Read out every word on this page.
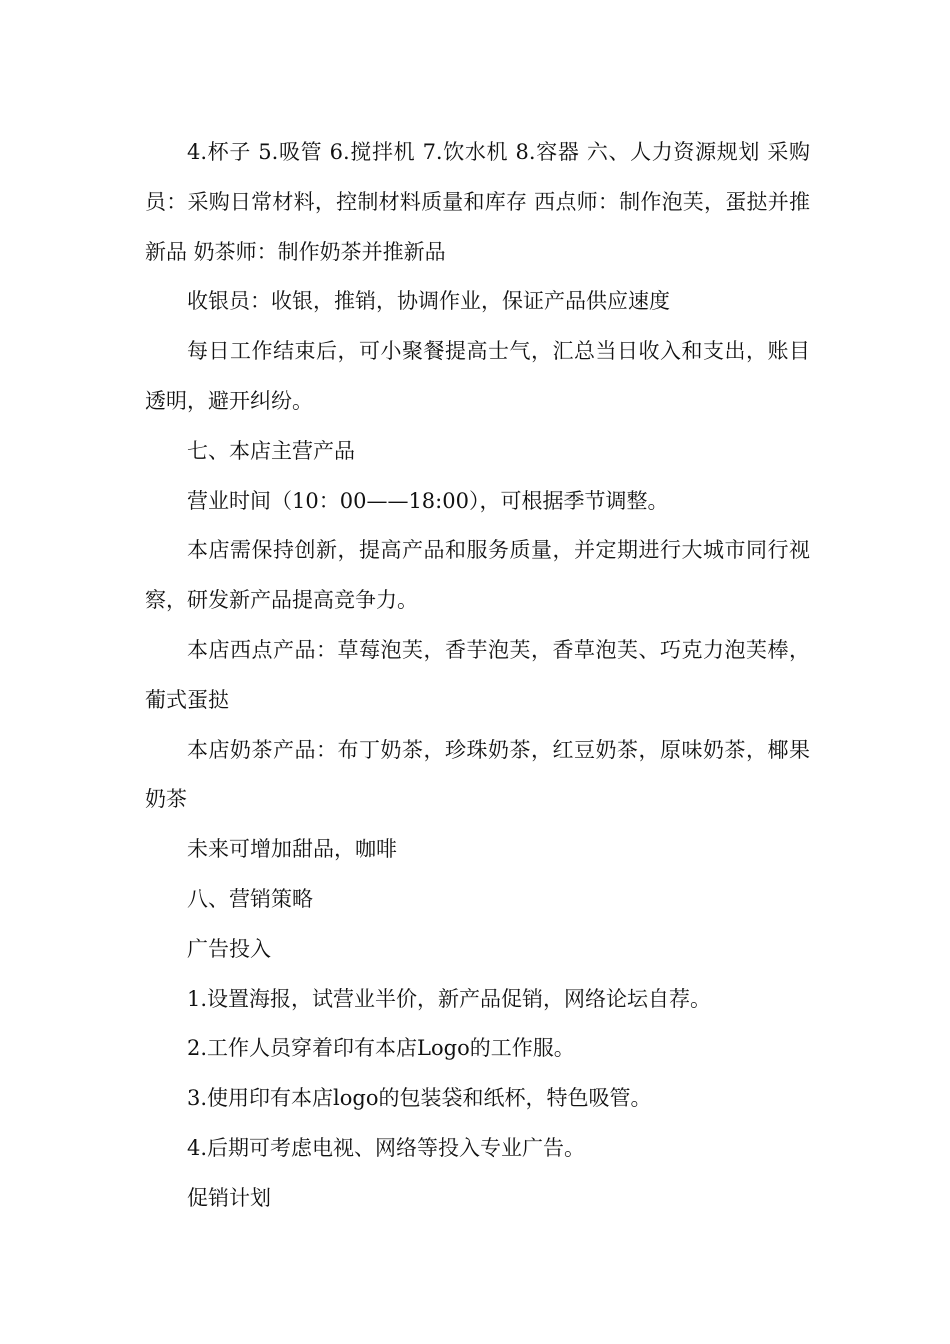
4.杯子 5.吸管 6.搅拌机 7.饮水机 8.容器 六、人力资源规划 采购员：采购日常材料，控制材料质量和库存 西点师：制作泡芙，蛋挞并推新品 奶茶师：制作奶茶并推新品

收银员：收银，推销，协调作业，保证产品供应速度

每日工作结束后，可小聚餐提高士气，汇总当日收入和支出，账目透明，避开纠纷。

七、本店主营产品

营业时间（10：00——18:00），可根据季节调整。

本店需保持创新，提高产品和服务质量，并定期进行大城市同行视察，研发新产品提高竞争力。

本店西点产品：草莓泡芙，香芋泡芙，香草泡芙、巧克力泡芙棒，葡式蛋挞

本店奶茶产品：布丁奶茶，珍珠奶茶，红豆奶茶，原味奶茶，椰果奶茶

未来可增加甜品，咖啡

八、营销策略

广告投入

1.设置海报，试营业半价，新产品促销，网络论坛自荐。

2.工作人员穿着印有本店Logo的工作服。

3.使用印有本店logo的包装袋和纸杯，特色吸管。

4.后期可考虑电视、网络等投入专业广告。

促销计划
